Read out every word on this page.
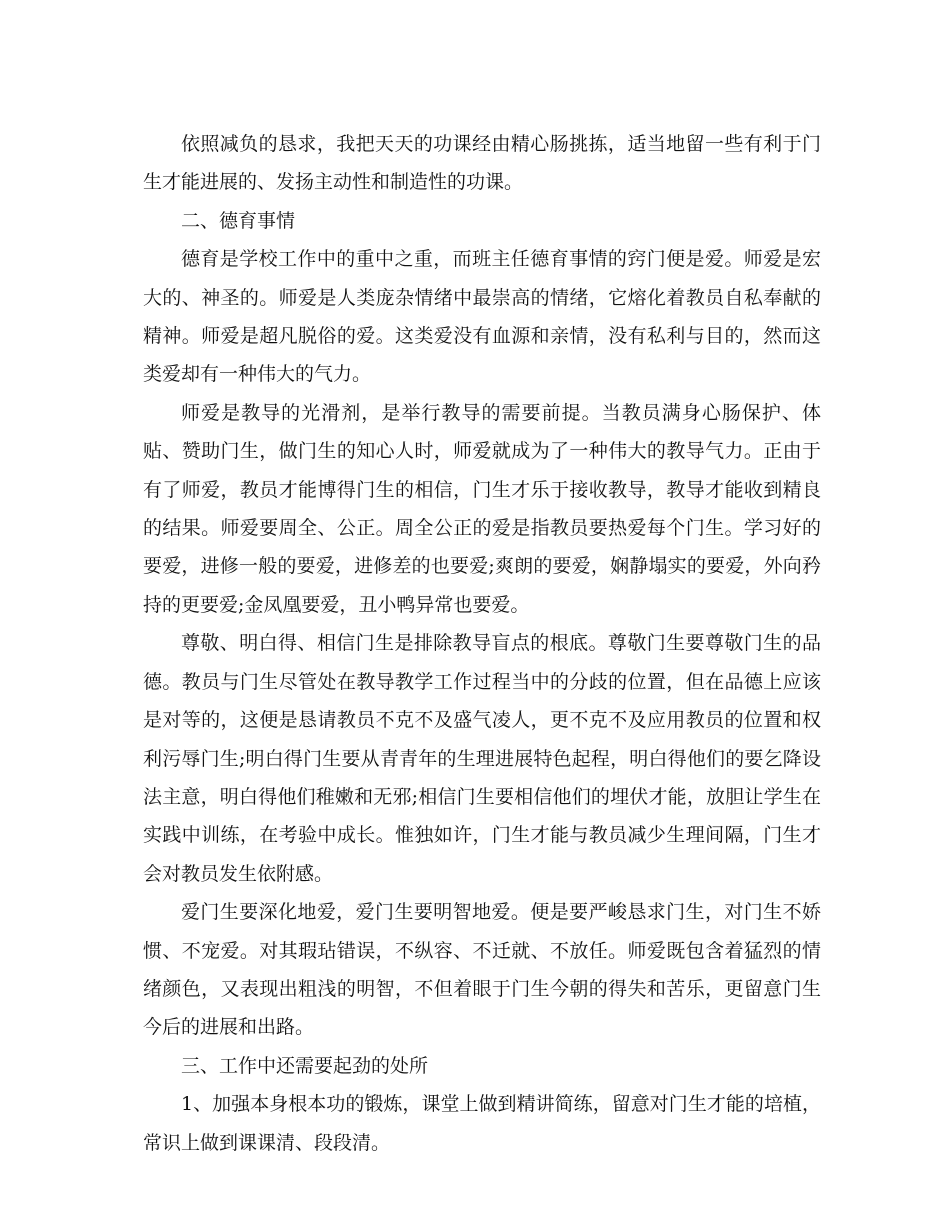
依照减负的恳求，我把天天的功课经由精心肠挑拣，适当地留一些有利于门生才能进展的、发扬主动性和制造性的功课。

二、德育事情

德育是学校工作中的重中之重，而班主任德育事情的窍门便是爱。师爱是宏大的、神圣的。师爱是人类庞杂情绪中最崇高的情绪，它熔化着教员自私奉献的精神。师爱是超凡脱俗的爱。这类爱没有血源和亲情，没有私利与目的，然而这类爱却有一种伟大的气力。

师爱是教导的光滑剂，是举行教导的需要前提。当教员满身心肠保护、体贴、赞助门生，做门生的知心人时，师爱就成为了一种伟大的教导气力。正由于有了师爱，教员才能博得门生的相信，门生才乐于接收教导，教导才能收到精良的结果。师爱要周全、公正。周全公正的爱是指教员要热爱每个门生。学习好的要爱，进修一般的要爱，进修差的也要爱;爽朗的要爱，娴静塌实的要爱，外向矜持的更要爱;金凤凰要爱，丑小鸭异常也要爱。

尊敬、明白得、相信门生是排除教导盲点的根底。尊敬门生要尊敬门生的品德。教员与门生尽管处在教导教学工作过程当中的分歧的位置，但在品德上应该是对等的，这便是恳请教员不克不及盛气凌人，更不克不及应用教员的位置和权利污辱门生;明白得门生要从青青年的生理进展特色起程，明白得他们的要乞降设法主意，明白得他们稚嫩和无邪;相信门生要相信他们的埋伏才能，放胆让学生在实践中训练，在考验中成长。惟独如许，门生才能与教员减少生理间隔，门生才会对教员发生依附感。

爱门生要深化地爱，爱门生要明智地爱。便是要严峻恳求门生，对门生不娇惯、不宠爱。对其瑕玷错误，不纵容、不迁就、不放任。师爱既包含着猛烈的情绪颜色，又表现出粗浅的明智，不但着眼于门生今朝的得失和苦乐，更留意门生今后的进展和出路。

三、工作中还需要起劲的处所

1、加强本身根本功的锻炼，课堂上做到精讲简练，留意对门生才能的培植，常识上做到课课清、段段清。
